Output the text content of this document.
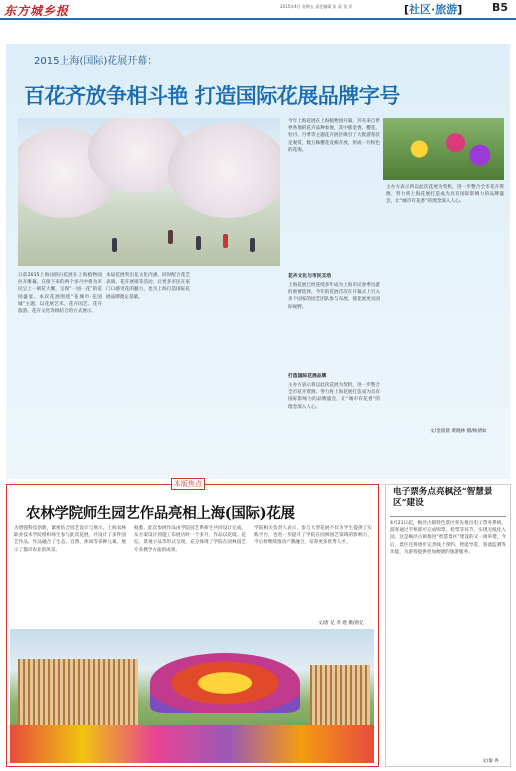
东方城乡报	2015年4月 星期五 责任编辑 张 清 张 洋	[社区·旅游]	B5
2015上海(国际)花展开幕：
百花齐放争相斗艳 打造国际花展品牌字号
今年上海花展在上海植物园开幕，共有来自世界各地的花卉品种参展，其中郁金香、樱花、牡丹、月季等主题花卉展区吸引了大批游客驻足观赏，数万株樱花竞相开放，形成一片粉色的花海。
主办方表示将以此次花展为契机，进一步整合全市花卉资源，努力将上海花展打造成为具有国际影响力的品牌盛会，让“城市有花香”的理念深入人心。
日前2015上海(国际)花展在上海植物园拉开帷幕。在接下来的两个多月中将为市民呈上一朝花大餐，呈现“一园一花”的花园盛宴。本次花展围绕“花城市·花园城”主题，以花展艺术、花卉园艺、花卉旅游、花卉文化等相结合的方式展示。
本届花展突出花文化内涵，同时配合花艺表演、花卉展销等活动，让更多市民在家门口感受花的魅力，也为上海打造国际花展品牌奠定基础。
花卉文化与市民互动
上海花展已经连续多年成为上海市民春季出游的重要选择，今年的花展首次在开幕式上引入多个国家的园艺团队参与布展，使花展更具国际视野。
打造国际花展品牌
主办方表示将以此次花展为契机，进一步整合全市花卉资源，努力将上海花展打造成为具有国际影响力的品牌盛会，让“城市有花香”的理念深入人心。
文/金晨晨 黄晓林 摄/杨倩如
本版焦点
农林学院师生园艺作品亮相上海(国际)花展
为增强科技创新，紧密结合园艺设计与展示，上海农林职业技术学院组织师生参与此次花展，共设计了多件园艺作品，作品融合了生态、自然、休闲等多种元素，展示了都市农业的风采。
据悉，此次参展作品由学院园艺系师生共同设计完成，从方案设计到施工布展历时一个多月，作品以花境、花坛、景观小品等形式呈现，充分体现了学院在园林园艺专业教学方面的成果。
学院相关负责人表示，参与大型花展不仅为学生提供了实践平台，也进一步提升了学院在园林园艺领域的影响力，今后将继续推动产教融合，培养更多优秀人才。
文/唐 亿 李 建 摄/唐亿
电子票务点亮枫泾“智慧景区”建设
4月21日起，枫泾古镇特色景区率先推出电子票务系统，游客通过手机即可完成购票、检票等环节，实现无纸化入园。这是枫泾古镇推进“智慧景区”建设的又一项举措。今后，景区还将逐步完善线上预约、智能导览、客流监测等功能，为游客提供更加便捷的旅游服务。
文/秦 冉
